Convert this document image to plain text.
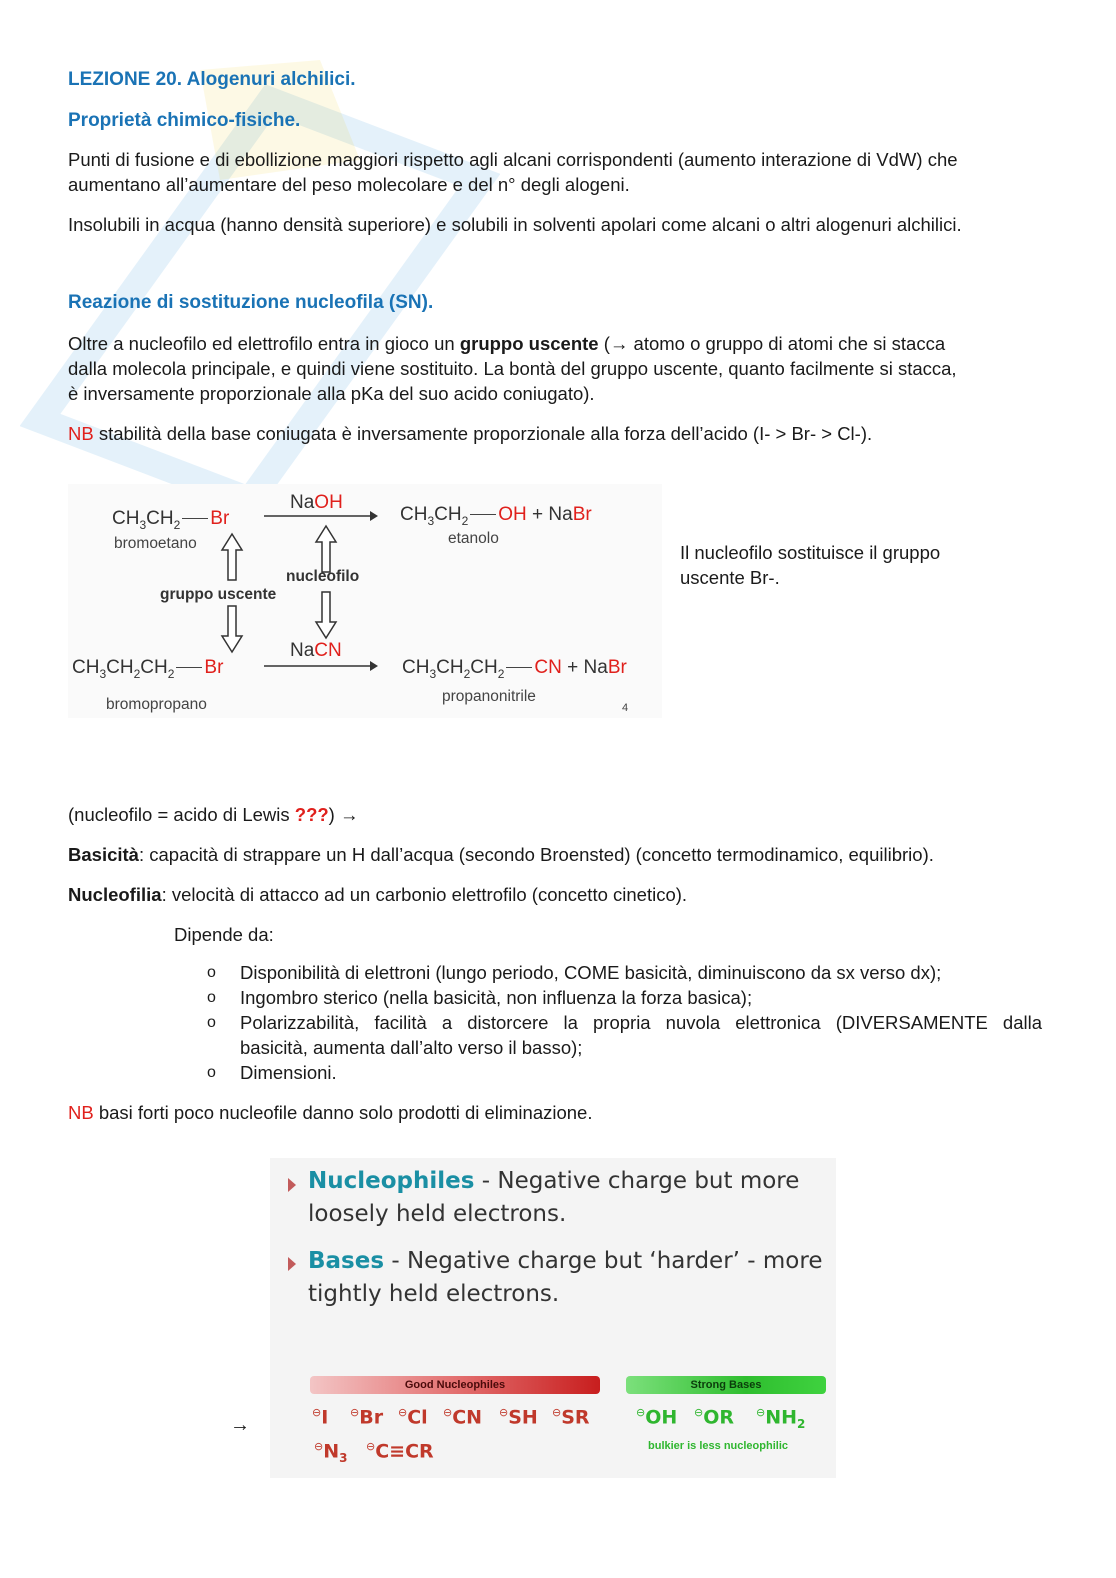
LEZIONE 20. Alogenuri alchilici.
Proprietà chimico-fisiche.
Punti di fusione e di ebollizione maggiori rispetto agli alcani corrispondenti (aumento interazione di VdW) che
aumentano all’aumentare del peso molecolare e del n° degli alogeni.
Insolubili in acqua (hanno densità superiore) e solubili in solventi apolari come alcani o altri alogenuri alchilici.
Reazione di sostituzione nucleofila (SN).
Oltre a nucleofilo ed elettrofilo entra in gioco un gruppo uscente (→ atomo o gruppo di atomi che si stacca
dalla molecola principale, e quindi viene sostituito. La bontà del gruppo uscente, quanto facilmente si stacca,
è inversamente proporzionale alla pKa del suo acido coniugato).
NB stabilità della base coniugata è inversamente proporzionale alla forza dell’acido (I- > Br- > Cl-).
$CH_3CH_2$ Br
bromoetano
NaOH
$CH_3CH_2$ OH + NaBr
etanolo
nucleofilo
gruppo uscente
NaCN
$CH_3CH_2CH_2$ Br
bromopropano
$CH_3CH_2CH_2$ CN + NaBr
propanonitrile
4
Il nucleofilo sostituisce il gruppo
uscente Br-.
(nucleofilo = acido di Lewis ???) →
Basicità: capacità di strappare un H dall’acqua (secondo Broensted) (concetto termodinamico, equilibrio).
Nucleofilia: velocità di attacco ad un carbonio elettrofilo (concetto cinetico).
Dipende da:
o Disponibilità di elettroni (lungo periodo, COME basicità, diminuiscono da sx verso dx);
o Ingombro sterico (nella basicità, non influenza la forza basica);
o Polarizzabilità, facilità a distorcere la propria nuvola elettronica (DIVERSAMENTE dalla
basicità, aumenta dall’alto verso il basso);
o Dimensioni.
NB basi forti poco nucleofile danno solo prodotti di eliminazione.
Nucleophiles - Negative charge but more
loosely held electrons.
Bases - Negative charge but ‘harder’ - more
tightly held electrons.
Good Nucleophiles	Strong Bases
⊖I ⊖Br ⊖Cl ⊖CN ⊖SH ⊖SR
$^⊖N_3$
⊖C≡CR
⊖OH ⊖OR $^⊖NH_2$
bulkier is less nucleophilic
→
